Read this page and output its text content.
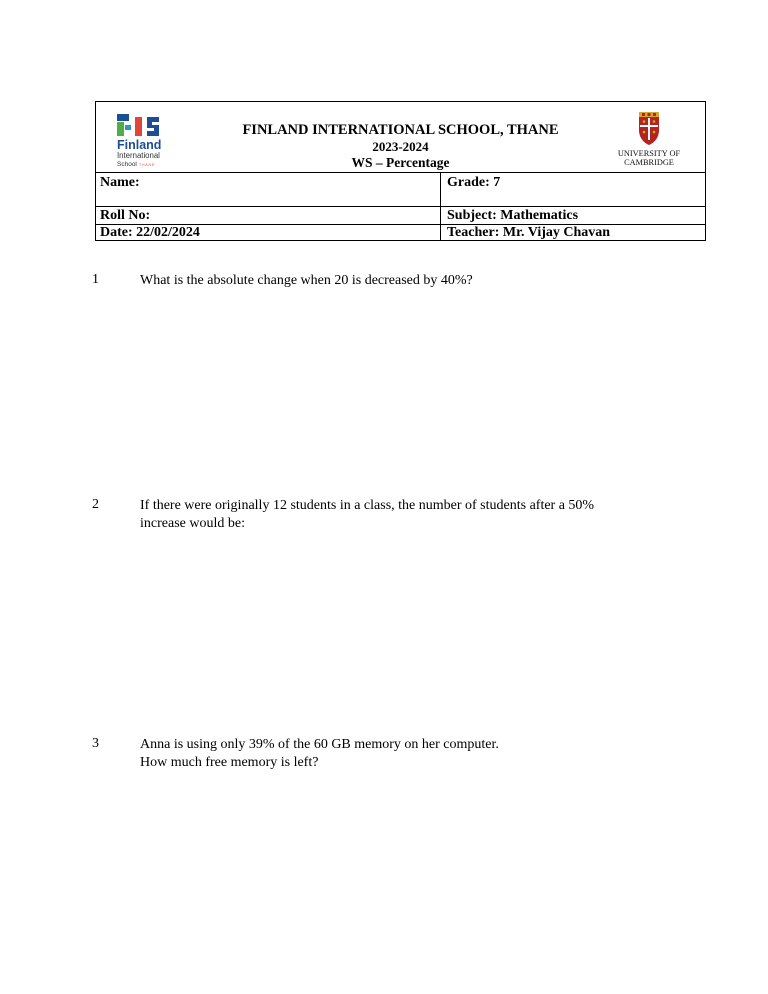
Finland
International
School T H A N E
FINLAND INTERNATIONAL SCHOOL, THANE
2023-2024
WS – Percentage
UNIVERSITY OF
CAMBRIDGE
Name:	Grade: 7
Roll No:	Subject: Mathematics
Date: 22/02/2024	Teacher: Mr. Vijay Chavan
1	What is the absolute change when 20 is decreased by 40%?
2	If there were originally 12 students in a class, the number of students after a 50%
increase would be:
3	Anna is using only 39% of the 60 GB memory on her computer.
How much free memory is left?
